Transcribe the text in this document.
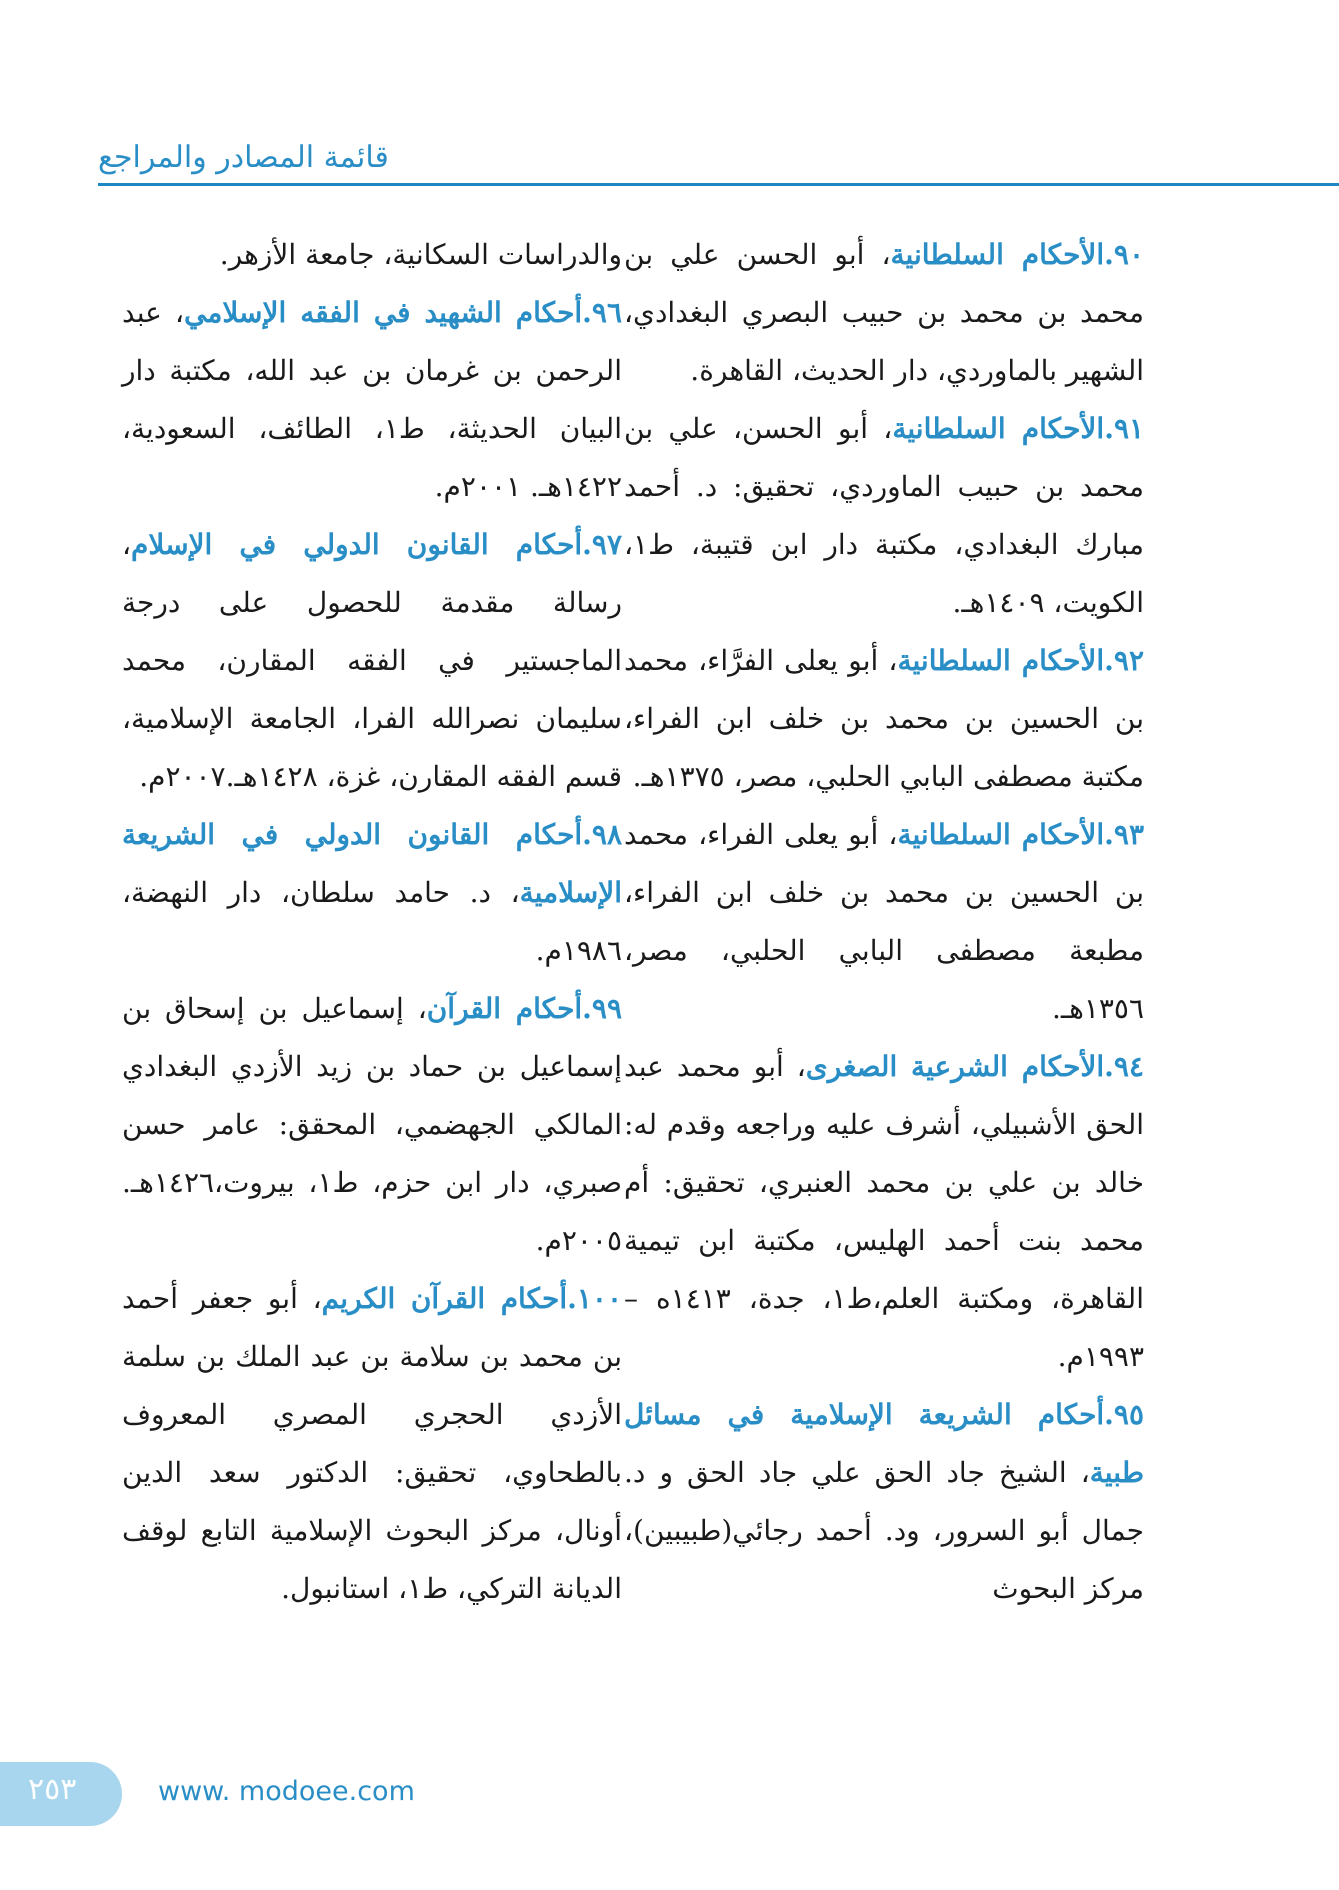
قائمة المصادر والمراجع

٩٠.الأحكام السلطانية، أبو الحسن علي بن محمد بن محمد بن حبيب البصري البغدادي، الشهير بالماوردي، دار الحديث، القاهرة.

٩١.الأحكام السلطانية، أبو الحسن، علي بن محمد بن حبيب الماوردي، تحقيق: د. أحمد مبارك البغدادي، مكتبة دار ابن قتيبة، ط١، الكويت، ١٤٠٩هـ.

٩٢.الأحكام السلطانية، أبو يعلى الفرَّاء، محمد بن الحسين بن محمد بن خلف ابن الفراء، مكتبة مصطفى البابي الحلبي، مصر، ١٣٧٥هـ.

٩٣.الأحكام السلطانية، أبو يعلى الفراء، محمد بن الحسين بن محمد بن خلف ابن الفراء، مطبعة مصطفى البابي الحلبي، مصر، ١٣٥٦هـ.

٩٤.الأحكام الشرعية الصغرى، أبو محمد عبد الحق الأشبيلي، أشرف عليه وراجعه وقدم له: خالد بن علي بن محمد العنبري، تحقيق: أم محمد بنت أحمد الهليس، مكتبة ابن تيمية القاهرة، ومكتبة العلم،ط١، جدة، ١٤١٣ه – ١٩٩٣م.

٩٥.أحكام الشريعة الإسلامية في مسائل طبية، الشيخ جاد الحق علي جاد الحق و د. جمال أبو السرور، ود. أحمد رجائي(طبيبين)، مركز البحوث

والدراسات السكانية، جامعة الأزهر.

٩٦.أحكام الشهيد في الفقه الإسلامي، عبد الرحمن بن غرمان بن عبد الله، مكتبة دار البيان الحديثة، ط١، الطائف، السعودية، ١٤٢٢هـ. ٢٠٠١م.

٩٧.أحكام القانون الدولي في الإسلام، رسالة مقدمة للحصول على درجة الماجستير في الفقه المقارن، محمد سليمان نصرالله الفرا، الجامعة الإسلامية، قسم الفقه المقارن، غزة، ١٤٢٨هـ.٢٠٠٧م.

٩٨.أحكام القانون الدولي في الشريعة الإسلامية، د. حامد سلطان، دار النهضة، ١٩٨٦م.

٩٩.أحكام القرآن، إسماعيل بن إسحاق بن إسماعيل بن حماد بن زيد الأزدي البغدادي المالكي الجهضمي، المحقق: عامر حسن صبري، دار ابن حزم، ط١، بيروت،١٤٢٦هـ. ٢٠٠٥م.

١٠٠.أحكام القرآن الكريم، أبو جعفر أحمد بن محمد بن سلامة بن عبد الملك بن سلمة الأزدي الحجري المصري المعروف بالطحاوي، تحقيق: الدكتور سعد الدين أونال، مركز البحوث الإسلامية التابع لوقف الديانة التركي، ط١، استانبول.

٢٥٣	www. modoee.com
